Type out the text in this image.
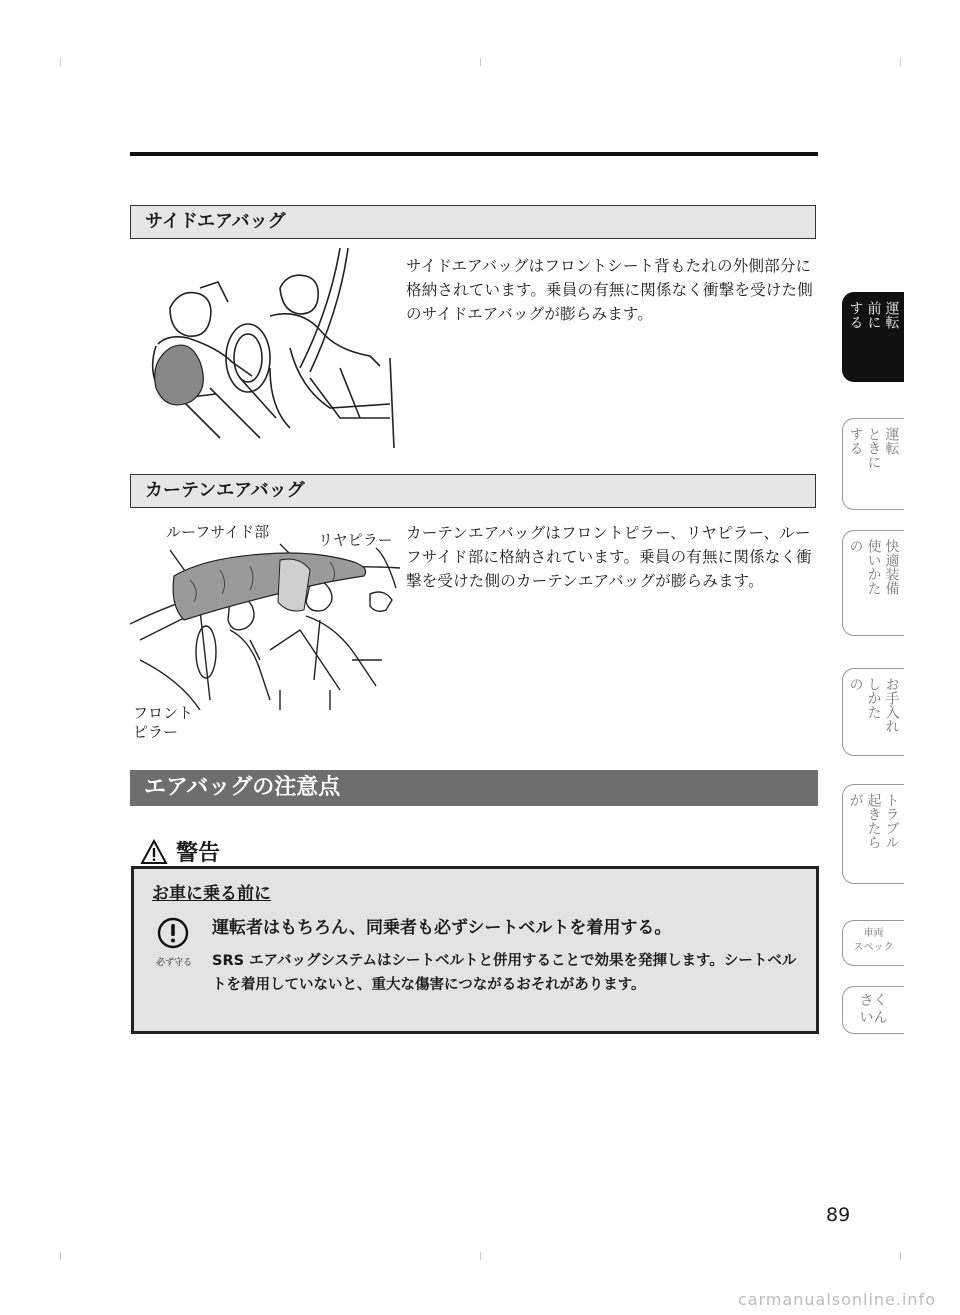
サイドエアバッグ
サイドエアバッグはフロントシート背もたれの外側部分に格納されています。乗員の有無に関係なく衝撃を受けた側のサイドエアバッグが膨らみます。
カーテンエアバッグ
ルーフサイド部	リヤピラー
フロント
ピラー
カーテンエアバッグはフロントピラー、リヤピラー、ルーフサイド部に格納されています。乗員の有無に関係なく衝撃を受けた側のカーテンエアバッグが膨らみます。
エアバッグの注意点
警告
お車に乗る前に
必ず守る
運転者はもちろん、同乗者も必ずシートベルトを着用する。
SRS エアバッグシステムはシートベルトと併用することで効果を発揮します。シートベルトを着用していないと、重大な傷害につながるおそれがあります。
運転
前に
する
運転
ときに
する
快適装備
使いかた
の
お手入れ
しかた
の
トラブル
起きたら
が
車両
スペック
さく
いん
89
carmanualsonline.info
